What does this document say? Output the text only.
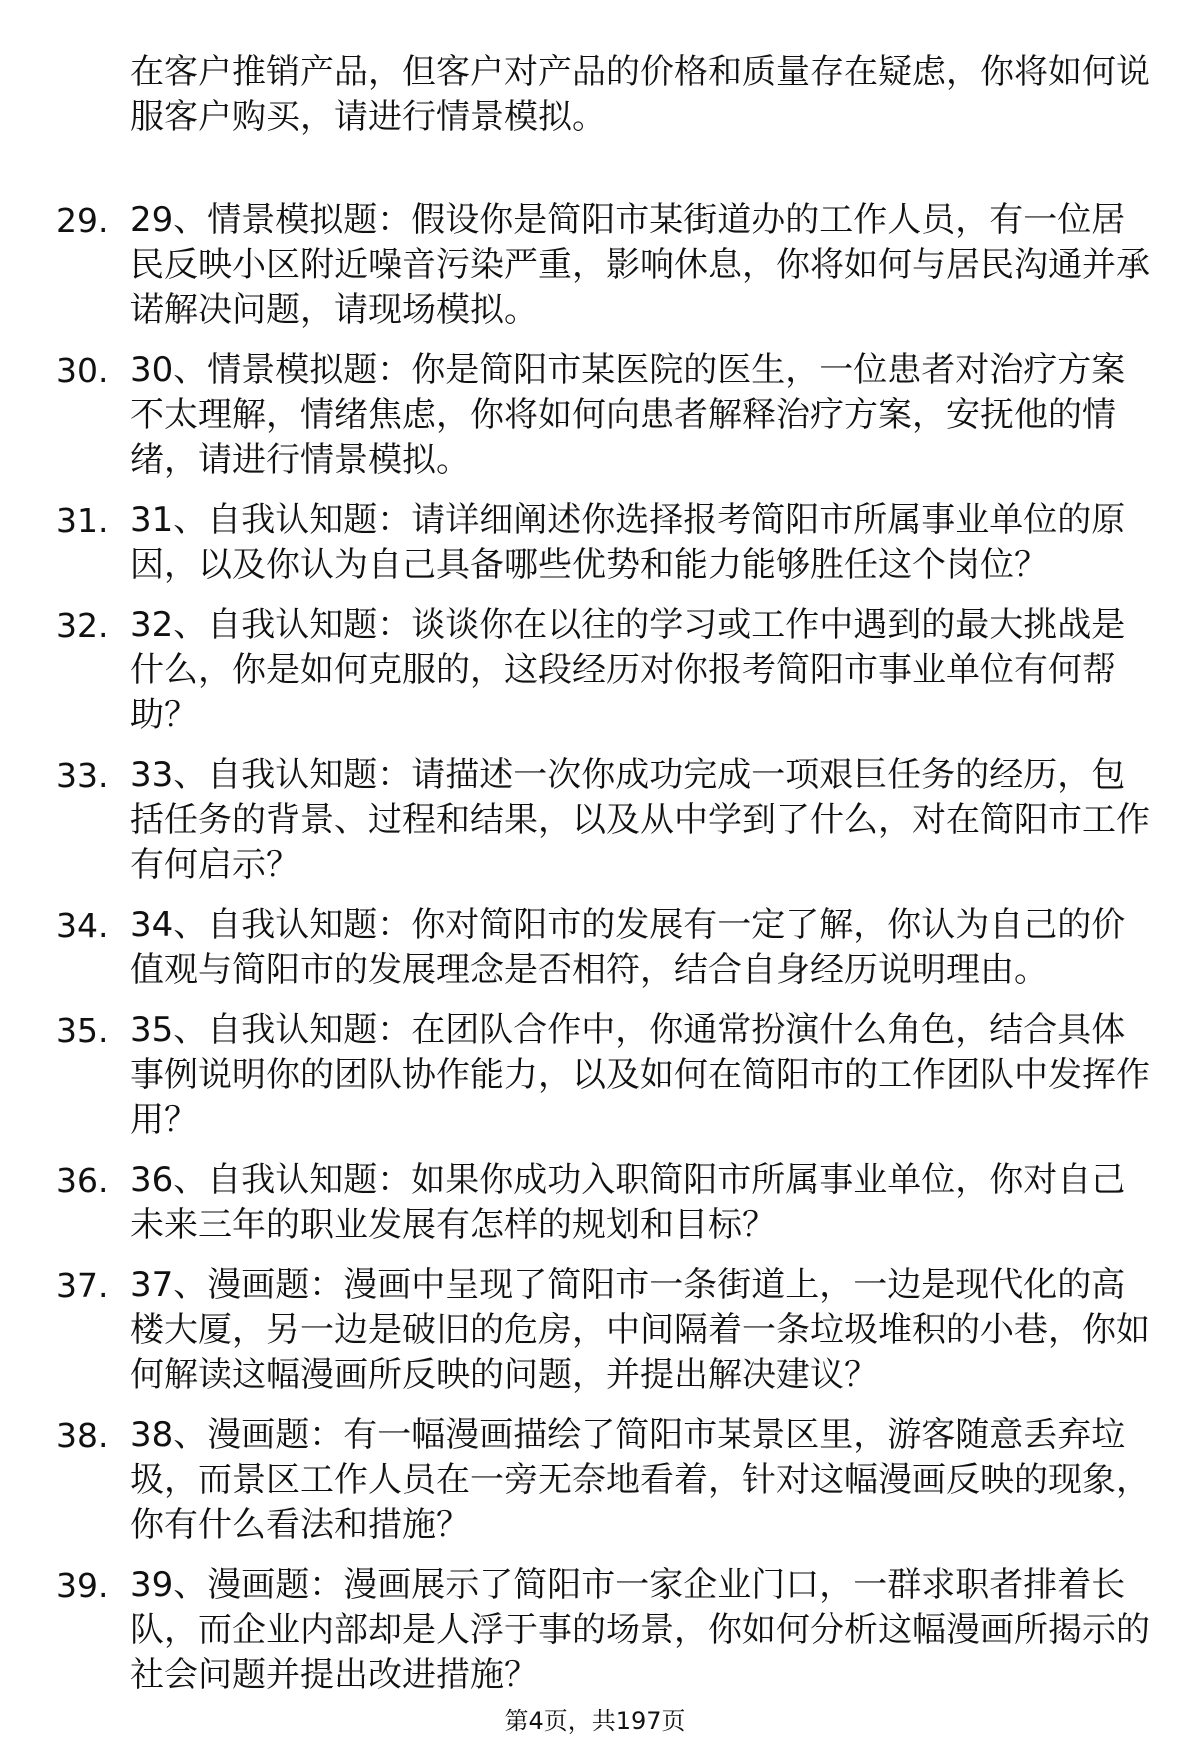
在客户推销产品，但客户对产品的价格和质量存在疑虑，你将如何说服客户购买，请进行情景模拟。

29. 29、情景模拟题：假设你是简阳市某街道办的工作人员，有一位居民反映小区附近噪音污染严重，影响休息，你将如何与居民沟通并承诺解决问题，请现场模拟。
30. 30、情景模拟题：你是简阳市某医院的医生，一位患者对治疗方案不太理解，情绪焦虑，你将如何向患者解释治疗方案，安抚他的情绪，请进行情景模拟。
31. 31、自我认知题：请详细阐述你选择报考简阳市所属事业单位的原因，以及你认为自己具备哪些优势和能力能够胜任这个岗位？
32. 32、自我认知题：谈谈你在以往的学习或工作中遇到的最大挑战是什么，你是如何克服的，这段经历对你报考简阳市事业单位有何帮助？
33. 33、自我认知题：请描述一次你成功完成一项艰巨任务的经历，包括任务的背景、过程和结果，以及从中学到了什么，对在简阳市工作有何启示？
34. 34、自我认知题：你对简阳市的发展有一定了解，你认为自己的价值观与简阳市的发展理念是否相符，结合自身经历说明理由。
35. 35、自我认知题：在团队合作中，你通常扮演什么角色，结合具体事例说明你的团队协作能力，以及如何在简阳市的工作团队中发挥作用？
36. 36、自我认知题：如果你成功入职简阳市所属事业单位，你对自己未来三年的职业发展有怎样的规划和目标？
37. 37、漫画题：漫画中呈现了简阳市一条街道上，一边是现代化的高楼大厦，另一边是破旧的危房，中间隔着一条垃圾堆积的小巷，你如何解读这幅漫画所反映的问题，并提出解决建议？
38. 38、漫画题：有一幅漫画描绘了简阳市某景区里，游客随意丢弃垃圾，而景区工作人员在一旁无奈地看着，针对这幅漫画反映的现象，你有什么看法和措施？
39. 39、漫画题：漫画展示了简阳市一家企业门口，一群求职者排着长队，而企业内部却是人浮于事的场景，你如何分析这幅漫画所揭示的社会问题并提出改进措施？
第4页，共197页
